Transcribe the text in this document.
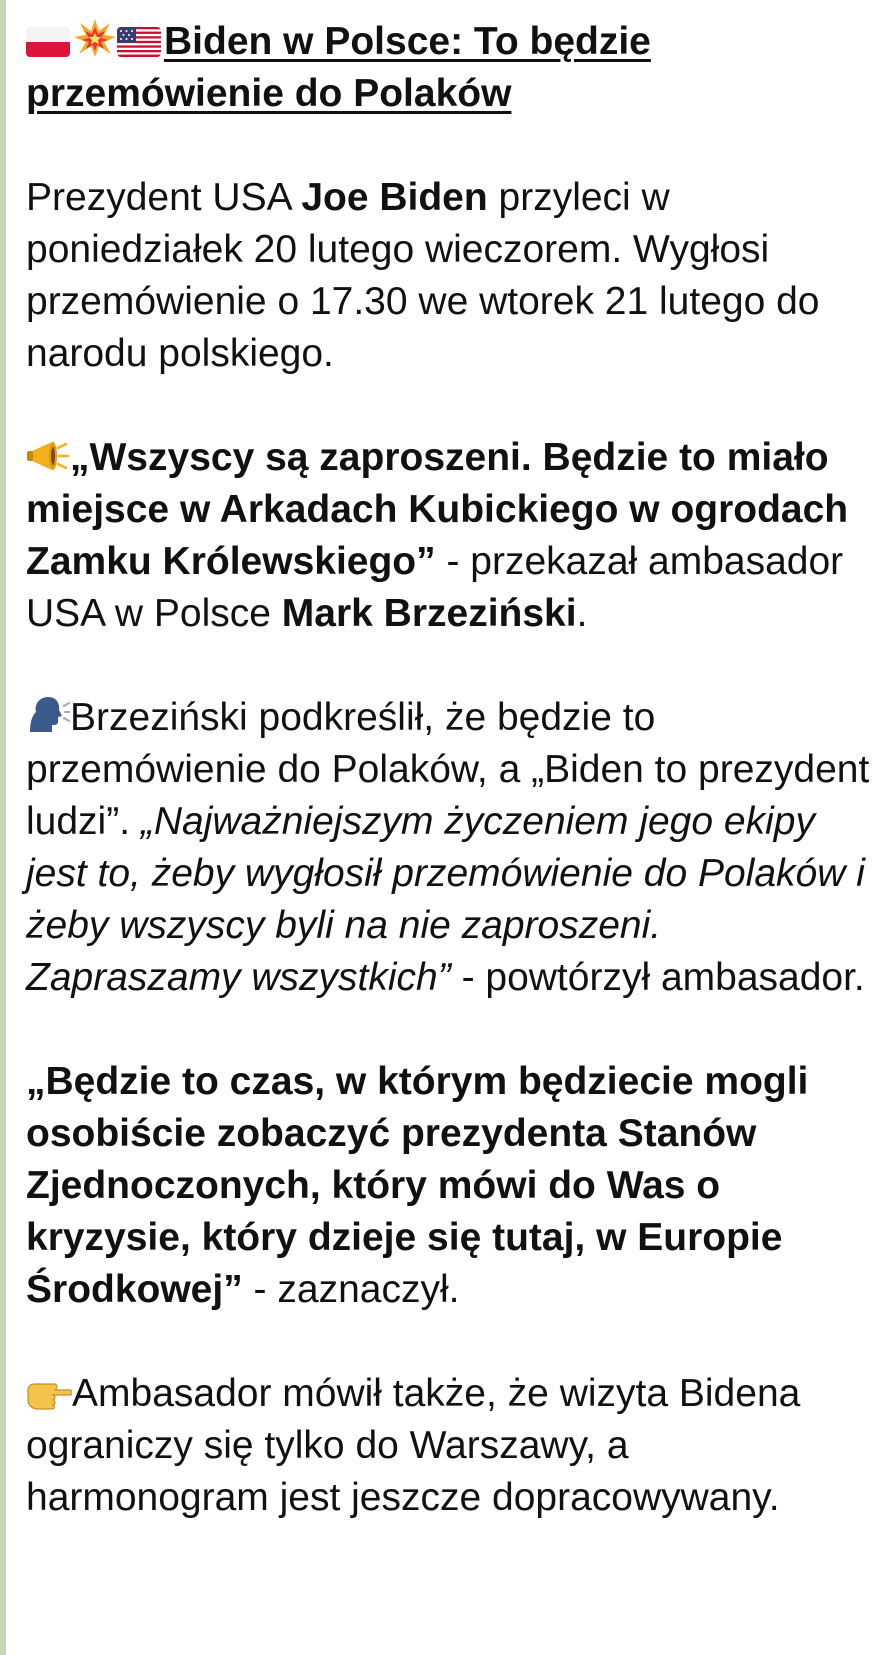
Biden w Polsce: To będzie
przemówienie do Polaków

Prezydent USA Joe Biden przyleci w poniedziałek 20 lutego wieczorem. Wygłosi przemówienie o 17.30 we wtorek 21 lutego do narodu polskiego.

„Wszyscy są zaproszeni. Będzie to miało miejsce w Arkadach Kubickiego w ogrodach Zamku Królewskiego” - przekazał ambasador USA w Polsce Mark Brzeziński.

Brzeziński podkreślił, że będzie to przemówienie do Polaków, a „Biden to prezydent ludzi”. „Najważniejszym życzeniem jego ekipy jest to, żeby wygłosił przemówienie do Polaków i żeby wszyscy byli na nie zaproszeni. Zapraszamy wszystkich” - powtórzył ambasador.

„Będzie to czas, w którym będziecie mogli osobiście zobaczyć prezydenta Stanów Zjednoczonych, który mówi do Was o kryzysie, który dzieje się tutaj, w Europie Środkowej” - zaznaczył.

Ambasador mówił także, że wizyta Bidena ograniczy się tylko do Warszawy, a harmonogram jest jeszcze dopracowywany.
